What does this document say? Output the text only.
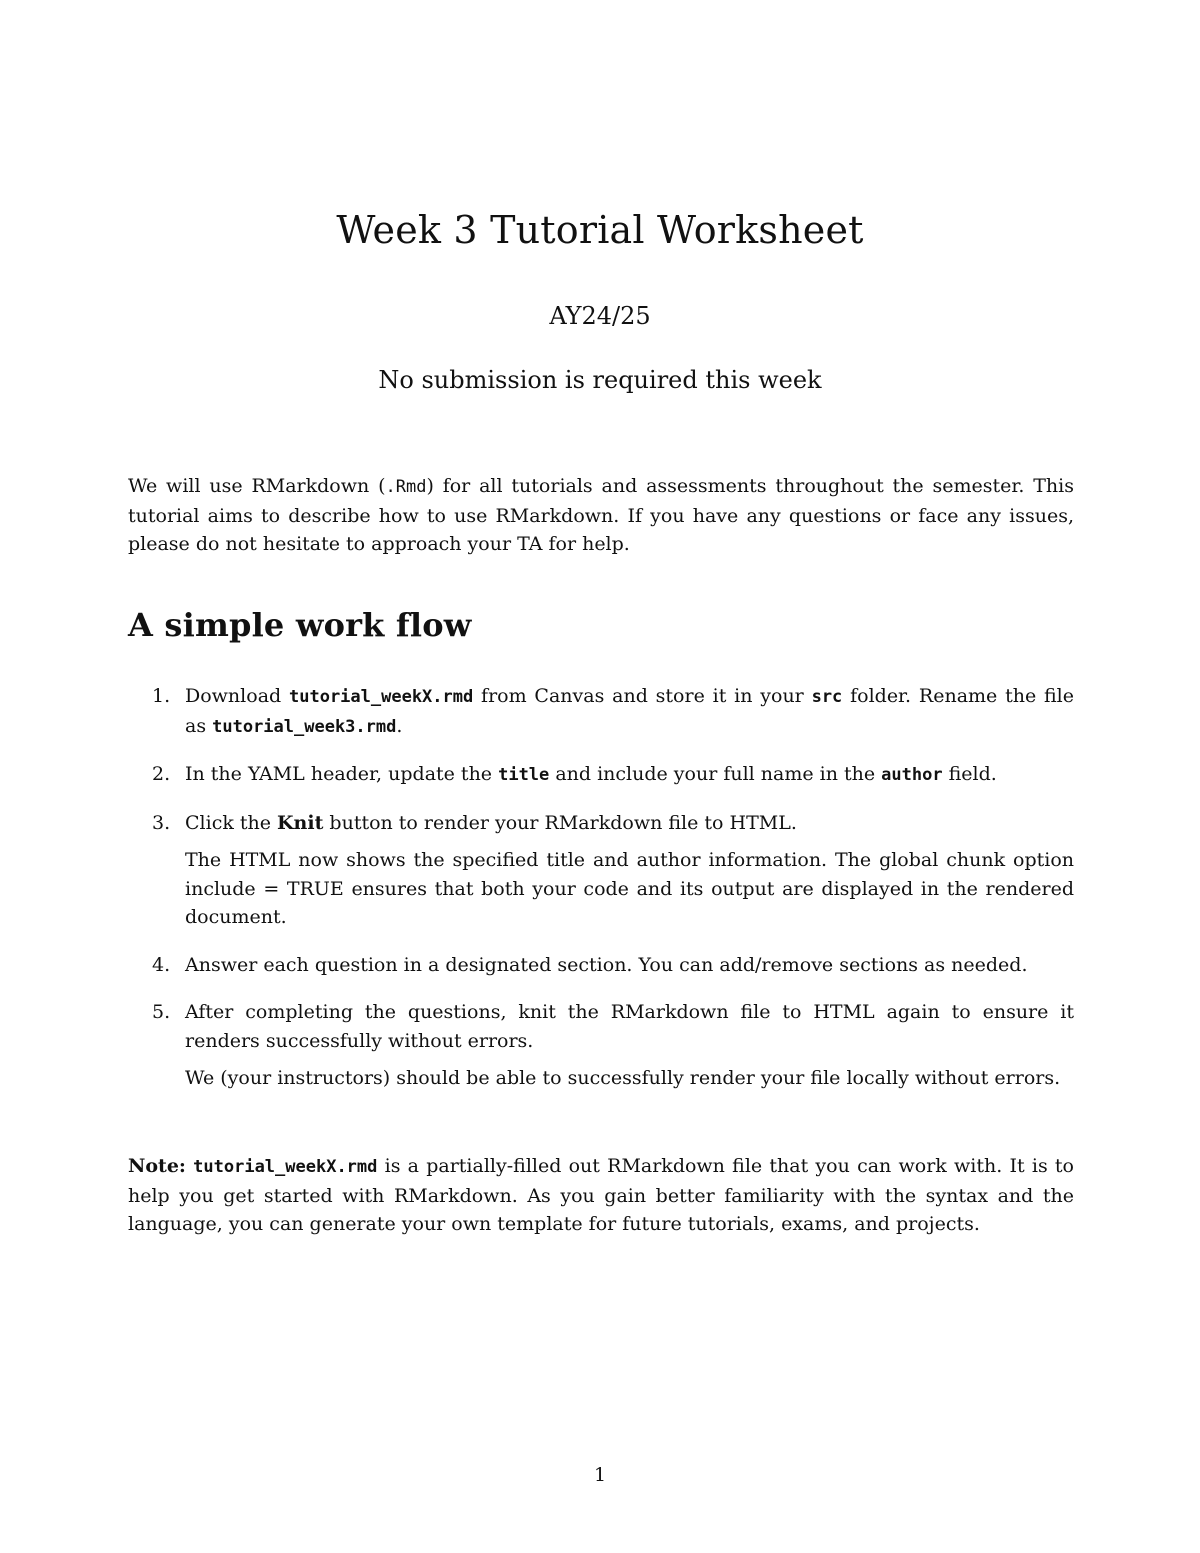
Week 3 Tutorial Worksheet

AY24/25

No submission is required this week

We will use RMarkdown (.Rmd) for all tutorials and assessments throughout the semester. This tutorial aims to describe how to use RMarkdown. If you have any questions or face any issues, please do not hesitate to approach your TA for help.

A simple work flow
1. Download tutorial_weekX.rmd from Canvas and store it in your src folder. Rename the file as tutorial_week3.rmd.

2. In the YAML header, update the title and include your full name in the author field.

3. Click the Knit button to render your RMarkdown file to HTML.

The HTML now shows the specified title and author information. The global chunk option include = TRUE ensures that both your code and its output are displayed in the rendered document.

4. Answer each question in a designated section. You can add/remove sections as needed.

5. After completing the questions, knit the RMarkdown file to HTML again to ensure it renders successfully without errors.

We (your instructors) should be able to successfully render your file locally without errors.

Note: tutorial_weekX.rmd is a partially-filled out RMarkdown file that you can work with. It is to help you get started with RMarkdown. As you gain better familiarity with the syntax and the language, you can generate your own template for future tutorials, exams, and projects.

1
